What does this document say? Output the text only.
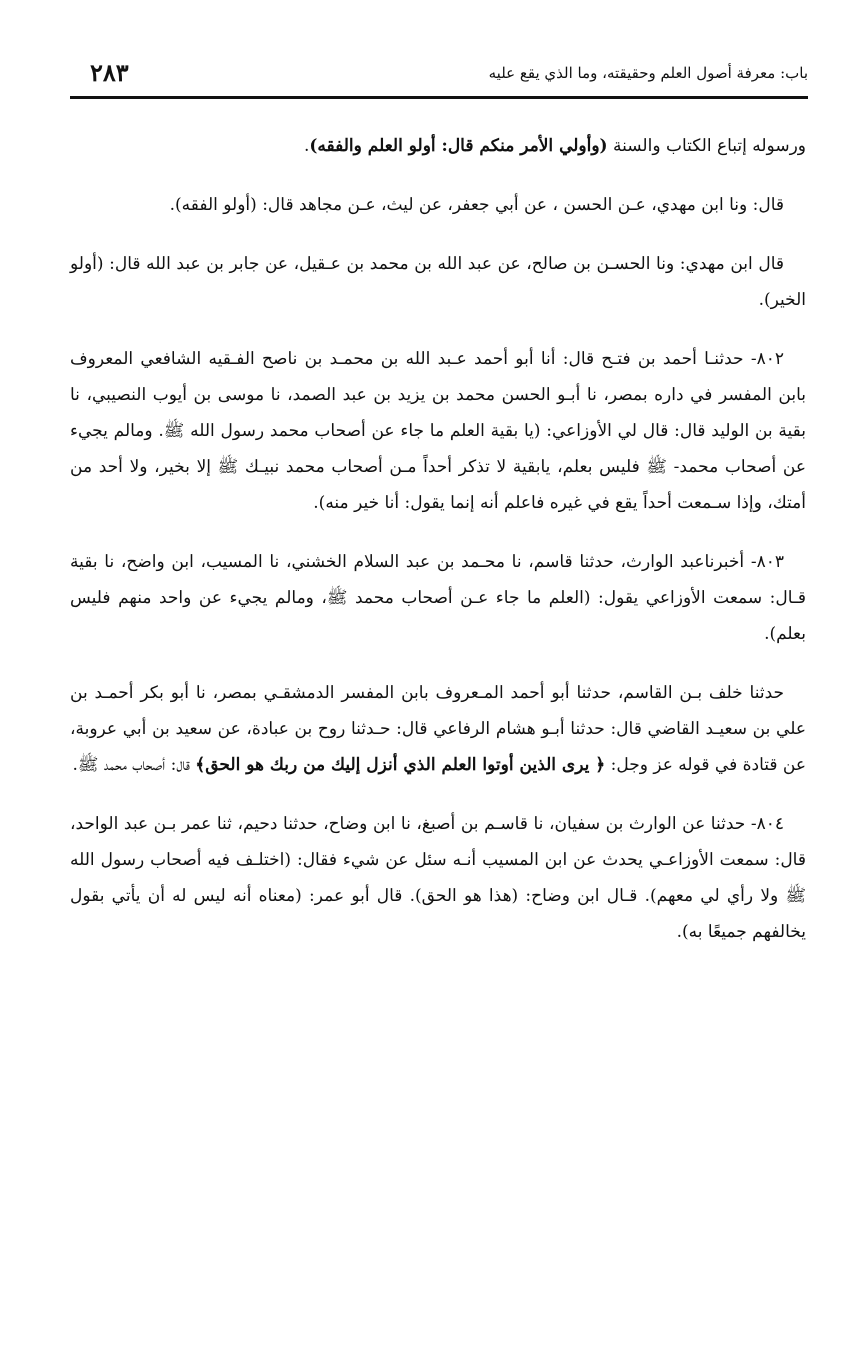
باب: معرفة أصول العلم وحقيقته، وما الذي يقع عليه
٢٨٣

ورسوله إتباع الكتاب والسنة (وأولي الأمر منكم قال: أولو العلم والفقه).

قال: ونا ابن مهدي، عـن الحسن ، عن أبي جعفر، عن ليث، عـن مجاهد قال: (أولو الفقه).

قال ابن مهدي: ونا الحسـن بن صالح، عن عبد الله بن محمد بن عـقيل، عن جابر بن عبد الله قال: (أولو الخير).

٨٠٢- حدثنـا أحمد بن فتـح قال: أنا أبو أحمد عـبد الله بن محمـد بن ناصح الفـقيه الشافعي المعروف بابن المفسر في داره بمصر، نا أبـو الحسن محمد بن يزيد بن عبد الصمد، نا موسى بن أيوب النصيبي، نا بقية بن الوليد قال: قال لي الأوزاعي: (يا بقية العلم ما جاء عن أصحاب محمد رسول الله ﷺ. ومالم يجيء عن أصحاب محمد- ﷺ فليس بعلم، يابقية لا تذكر أحداً مـن أصحاب محمد نبيـك ﷺ إلا بخير، ولا أحد من أمتك، وإذا سـمعت أحداً يقع في غيره فاعلم أنه إنما يقول: أنا خير منه).

٨٠٣- أخبرناعبد الوارث، حدثنا قاسم، نا محـمد بن عبد السلام الخشني، نا المسيب، ابن واضح، نا بقية قـال: سمعت الأوزاعي يقول: (العلم ما جاء عـن أصحاب محمد ﷺ، ومالم يجيء عن واحد منهم فليس بعلم).

حدثنا خلف بـن القاسم، حدثنا أبو أحمد المـعروف بابن المفسر الدمشقـي بمصر، نا أبو بكر أحمـد بن علي بن سعيـد القاضي قال: حدثنا أبـو هشام الرفاعي قال: حـدثنا روح بن عبادة، عن سعيد بن أبي عروبة، عن قتادة في قوله عز وجل: ﴿ يرى الذين أوتوا العلم الذي أنزل إليك من ربك هو الحق﴾ قال: أصحاب محمد ﷺ.

٨٠٤- حدثنا عن الوارث بن سفيان، نا قاسـم بن أصبغ، نا ابن وضاح، حدثنا دحيم، ثنا عمر بـن عبد الواحد، قال: سمعت الأوزاعـي يحدث عن ابن المسيب أنـه سئل عن شيء فقال: (اختلـف فيه أصحاب رسول الله ﷺ ولا رأي لي معهم). قـال ابن وضاح: (هذا هو الحق). قال أبو عمر: (معناه أنه ليس له أن يأتي بقول يخالفهم جميعًا به).
